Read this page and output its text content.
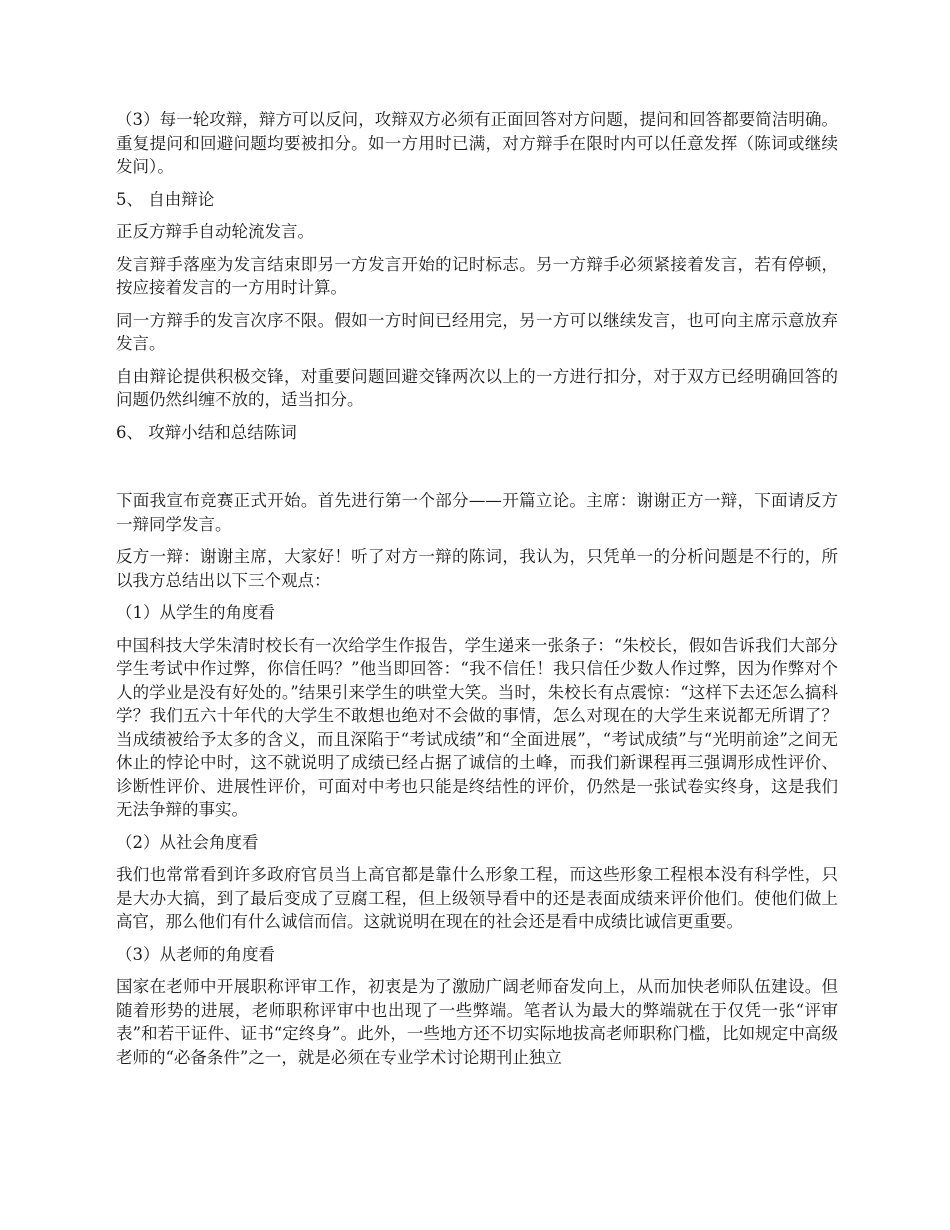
（3）每一轮攻辩，辩方可以反问，攻辩双方必须有正面回答对方问题，提问和回答都要简洁明确。重复提问和回避问题均要被扣分。如一方用时已满，对方辩手在限时内可以任意发挥（陈词或继续发问）。

5、 自由辩论

正反方辩手自动轮流发言。

发言辩手落座为发言结束即另一方发言开始的记时标志。另一方辩手必须紧接着发言，若有停顿，按应接着发言的一方用时计算。

同一方辩手的发言次序不限。假如一方时间已经用完，另一方可以继续发言，也可向主席示意放弃发言。

自由辩论提供积极交锋，对重要问题回避交锋两次以上的一方进行扣分，对于双方已经明确回答的问题仍然纠缠不放的，适当扣分。

6、 攻辩小结和总结陈词

下面我宣布竞赛正式开始。首先进行第一个部分——开篇立论。主席：谢谢正方一辩，下面请反方一辩同学发言。

反方一辩：谢谢主席，大家好！听了对方一辩的陈词，我认为，只凭单一的分析问题是不行的，所以我方总结出以下三个观点：

（1）从学生的角度看

中国科技大学朱清时校长有一次给学生作报告，学生递来一张条子：“朱校长，假如告诉我们大部分学生考试中作过弊，你信任吗？”他当即回答：“我不信任！我只信任少数人作过弊，因为作弊对个人的学业是没有好处的。”结果引来学生的哄堂大笑。当时，朱校长有点震惊：“这样下去还怎么搞科学？我们五六十年代的大学生不敢想也绝对不会做的事情，怎么对现在的大学生来说都无所谓了？当成绩被给予太多的含义，而且深陷于“考试成绩”和“全面进展”，“考试成绩”与“光明前途”之间无休止的悖论中时，这不就说明了成绩已经占据了诚信的土峰，而我们新课程再三强调形成性评价、诊断性评价、进展性评价，可面对中考也只能是终结性的评价，仍然是一张试卷实终身，这是我们无法争辩的事实。

（2）从社会角度看

我们也常常看到许多政府官员当上高官都是靠什么形象工程，而这些形象工程根本没有科学性，只是大办大搞，到了最后变成了豆腐工程，但上级领导看中的还是表面成绩来评价他们。使他们做上高官，那么他们有什么诚信而信。这就说明在现在的社会还是看中成绩比诚信更重要。

（3）从老师的角度看

国家在老师中开展职称评审工作，初衷是为了激励广阔老师奋发向上，从而加快老师队伍建设。但随着形势的进展，老师职称评审中也出现了一些弊端。笔者认为最大的弊端就在于仅凭一张“评审表”和若干证件、证书“定终身”。此外，一些地方还不切实际地拔高老师职称门槛，比如规定中高级老师的“必备条件”之一，就是必须在专业学术讨论期刊止独立
